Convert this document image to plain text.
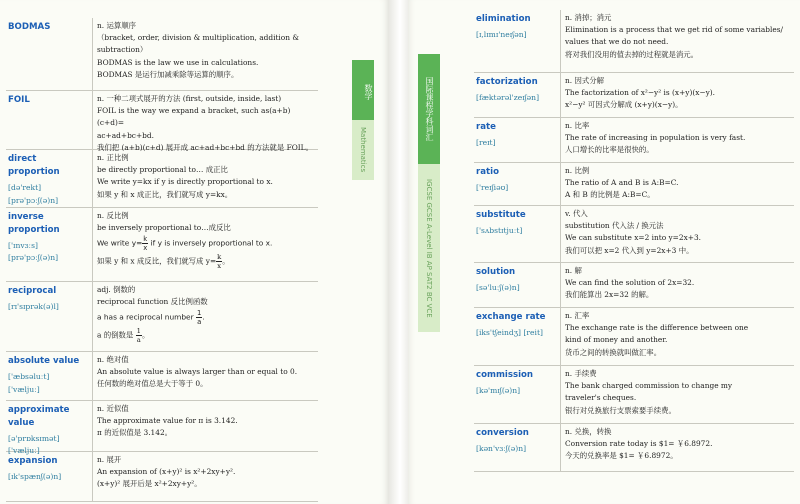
BODMAS	n. 运算顺序
（bracket, order, division & multiplication, addition &
subtraction）
BODMAS is the law we use in calculations.
BODMAS 是运行加减乘除等运算的顺序。
FOIL	n. 一种二项式展开的方法 (first, outside, inside, last)
FOIL is the way we expand a bracket, such as(a+b)(c+d)=
ac+ad+bc+bd.
我们把 (a+b)(c+d) 展开成 ac+ad+bc+bd 的方法就是 FOIL。
direct proportion
[də'rekt]
[prə'pɔːʃ(ə)n]
n. 正比例
be directly proportional to… 成正比
We write y=kx if y is directly proportional to x.
如果 y 和 x 成正比，我们就写成 y=kx。
inverse proportion
['ɪnvɜːs] [prə'pɔːʃ(ə)n]
n. 反比例
be inversely proportional to…成反比
We write $y= \frac{k}{x}$ if y is inversely proportional to x.
如果 y 和 x 成反比，我们就写成 $y= \frac{k}{x}$ 。
reciprocal
[rɪ'sɪprək(ə)l]
adj. 倒数的
reciprocal function 反比例函数
a has a reciprocal number $\frac{1}{a}$ .
a 的倒数是 $\frac{1}{a}$ 。
absolute value
['æbsəluːt]
['væljuː]
n. 绝对值
An absolute value is always larger than or equal to 0.
任何数的绝对值总是大于等于 0。
approximate value
[ə'prɒksɪmət] ['væljuː]
n. 近似值
The approximate value for π is 3.142.
π 的近似值是 3.142。
expansion
[ɪk'spænʃ(ə)n]
n. 展开
An expansion of (x+y)² is x²+2xy+y².
(x+y)² 展开后是 x²+2xy+y²。
elimination
[ɪ,lɪmɪ'neɪʃən]
n. 消掉；消元
Elimination is a process that we get rid of some variables/
values that we do not need.
将对我们没用的值去掉的过程就是消元。
factorization
[fæktərəl'zeɪʃən]
n. 因式分解
The factorization of x²−y² is (x+y)(x−y).
x²−y² 可因式分解成 (x+y)(x−y)。
rate
[reɪt]
n. 比率
The rate of increasing in population is very fast.
人口增长的比率是很快的。
ratio
['reɪʃiəʊ]
n. 比例
The ratio of A and B is A:B=C.
A 和 B 的比例是 A:B=C。
substitute
['sʌbstɪtjuːt]
v. 代入
substitution 代入法 / 换元法
We can substitute x=2 into y=2x+3.
我们可以把 x=2 代入到 y=2x+3 中。
solution
[sə'luːʃ(ə)n]
n. 解
We can find the solution of 2x=32.
我们能算出 2x=32 的解。
exchange rate
[iks'tʃeindʒ] [reit]
n. 汇率
The exchange rate is the difference between one
kind of money and another.
货币之间的转换就叫做汇率。
commission
[kə'mɪʃ(ə)n]
n. 手续费
The bank charged commission to change my
traveler's cheques.
银行对兑换旅行支票索要手续费。
conversion
[kən'vɜːʃ(ə)n]
n. 兑换，转换
Conversion rate today is $1= ￥6.8972.
今天的兑换率是 $1= ￥6.8972。
数学
Mathematics
国际课程学科词汇
IGCSE GCSE A-Level IB AP SAT2 BC VCE
